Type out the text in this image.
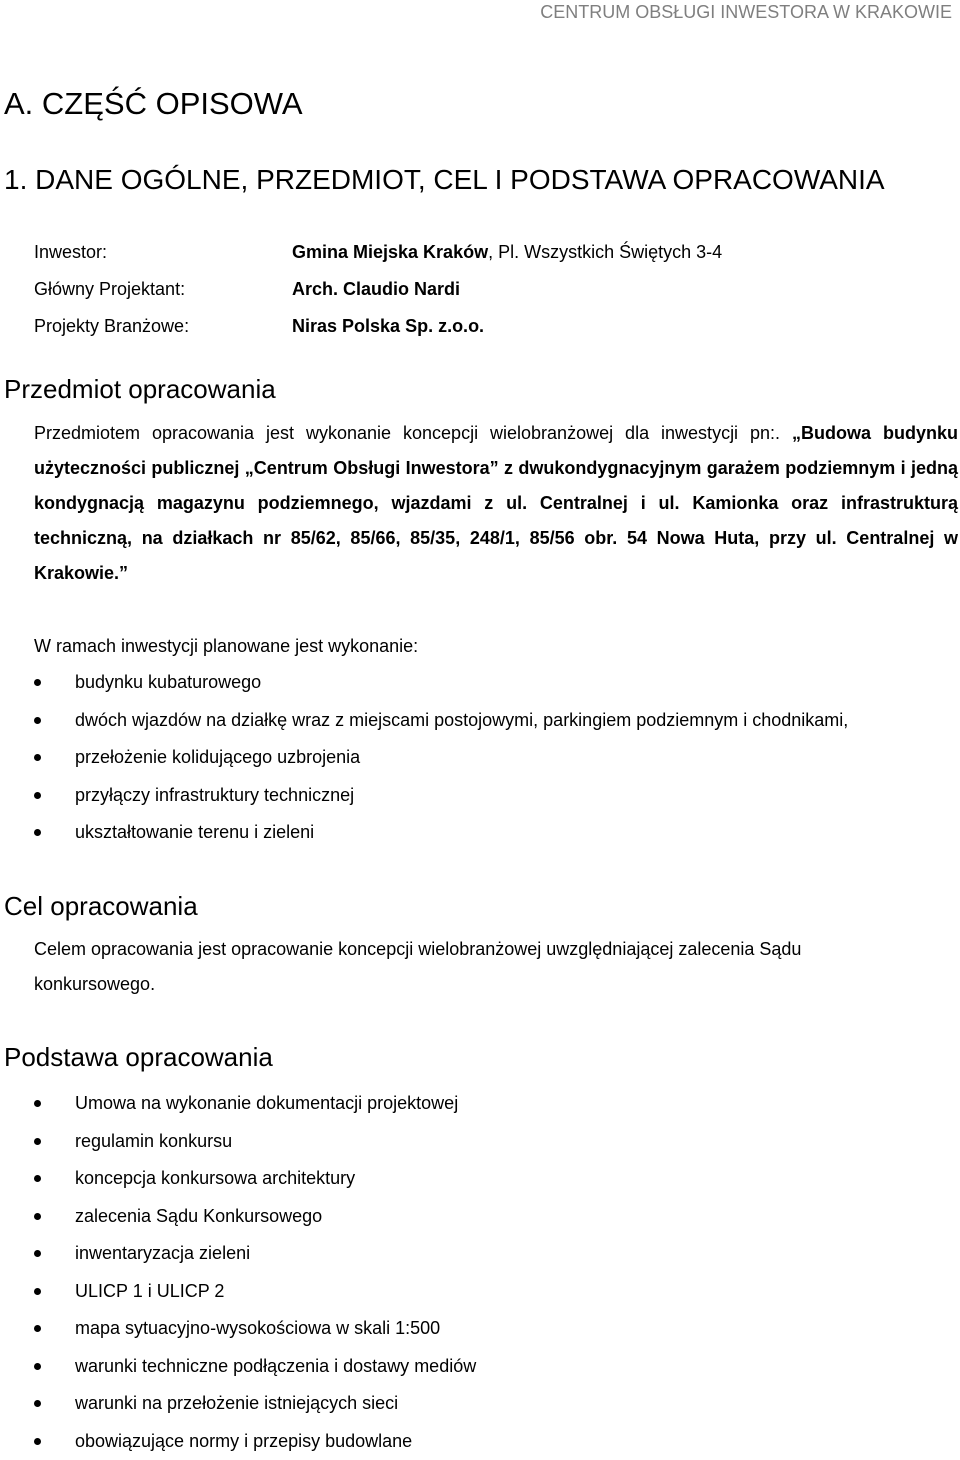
CENTRUM OBSŁUGI INWESTORA W KRAKOWIE
A. CZĘŚĆ OPISOWA
1. DANE OGÓLNE, PRZEDMIOT, CEL I PODSTAWA OPRACOWANIA
Inwestor:	Gmina Miejska Kraków, Pl. Wszystkich Świętych 3-4
Główny Projektant:	Arch. Claudio Nardi
Projekty Branżowe:	Niras Polska Sp. z.o.o.
Przedmiot opracowania

Przedmiotem opracowania jest wykonanie koncepcji wielobranżowej dla inwestycji pn:. „Budowa budynku użyteczności publicznej „Centrum Obsługi Inwestora” z dwukondygnacyjnym garażem podziemnym i jedną kondygnacją magazynu podziemnego, wjazdami z ul. Centralnej i ul. Kamionka oraz infrastrukturą techniczną, na działkach nr 85/62, 85/66, 85/35, 248/1, 85/56 obr. 54 Nowa Huta, przy ul. Centralnej w Krakowie.”

W ramach inwestycji planowane jest wykonanie:

budynku kubaturowego
dwóch wjazdów na działkę wraz z miejscami postojowymi, parkingiem podziemnym i chodnikami,
przełożenie kolidującego uzbrojenia
przyłączy infrastruktury technicznej
ukształtowanie terenu i zieleni
Cel opracowania

Celem opracowania jest opracowanie koncepcji wielobranżowej uwzględniającej zalecenia Sądu konkursowego.

Podstawa opracowania
Umowa na wykonanie dokumentacji projektowej
regulamin konkursu
koncepcja konkursowa architektury
zalecenia Sądu Konkursowego
inwentaryzacja zieleni
ULICP 1 i ULICP 2
mapa sytuacyjno-wysokościowa w skali 1:500
warunki techniczne podłączenia i dostawy mediów
warunki na przełożenie istniejących sieci
obowiązujące normy i przepisy budowlane
